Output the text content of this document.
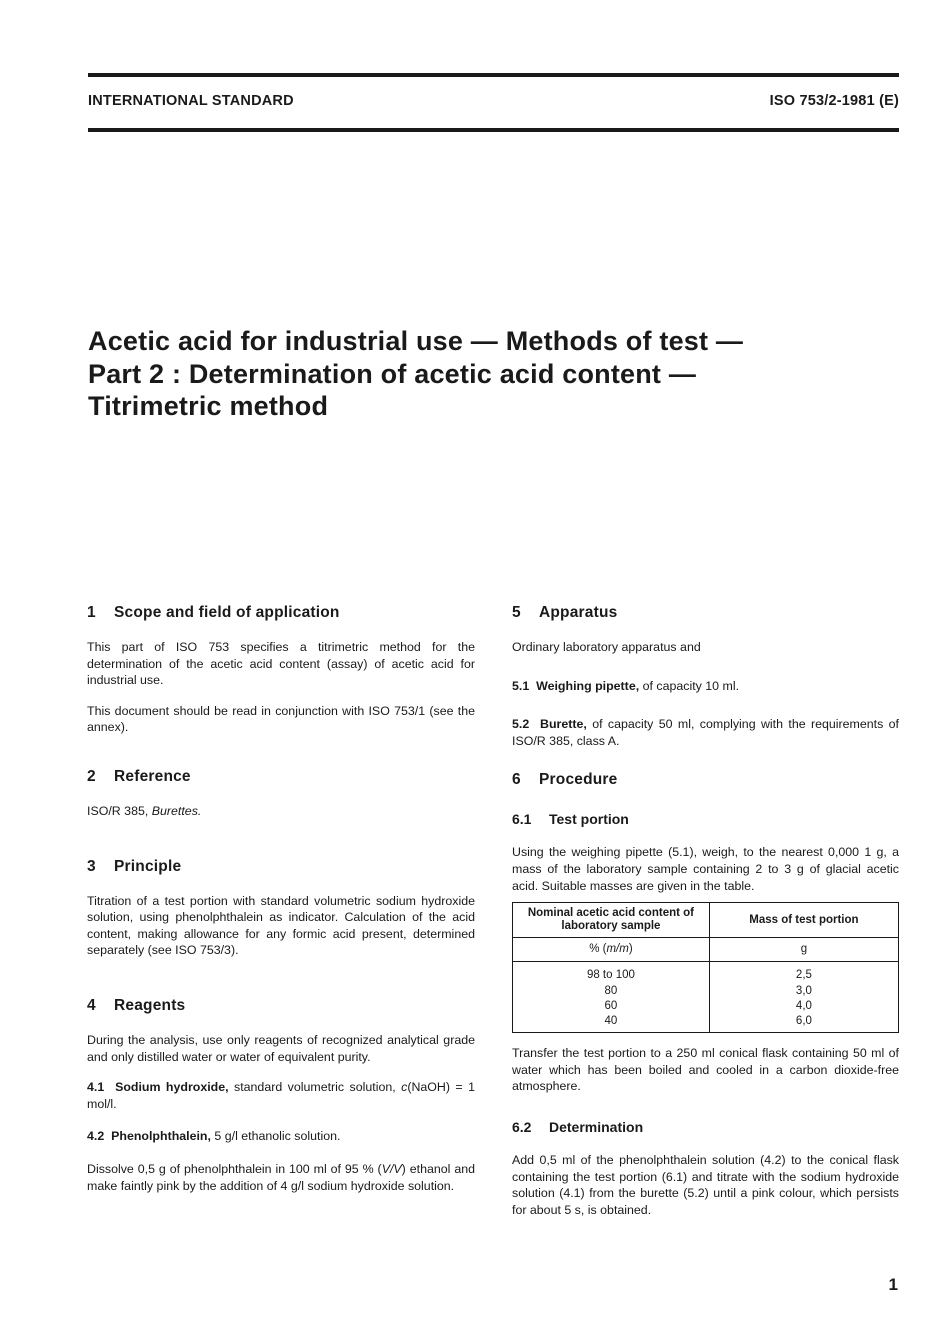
INTERNATIONAL STANDARD	ISO 753/2-1981 (E)
Acetic acid for industrial use — Methods of test —
Part 2 : Determination of acetic acid content —
Titrimetric method
1 Scope and field of application

This part of ISO 753 specifies a titrimetric method for the determination of the acetic acid content (assay) of acetic acid for industrial use.

This document should be read in conjunction with ISO 753/1 (see the annex).

2 Reference

ISO/R 385, Burettes.

3 Principle

Titration of a test portion with standard volumetric sodium hydroxide solution, using phenolphthalein as indicator. Calculation of the acid content, making allowance for any formic acid present, determined separately (see ISO 753/3).

4 Reagents

During the analysis, use only reagents of recognized analytical grade and only distilled water or water of equivalent purity.

4.1 Sodium hydroxide, standard volumetric solution, c(NaOH) = 1 mol/l.

4.2 Phenolphthalein, 5 g/l ethanolic solution.

Dissolve 0,5 g of phenolphthalein in 100 ml of 95 % (V/V) ethanol and make faintly pink by the addition of 4 g/l sodium hydroxide solution.

5 Apparatus

Ordinary laboratory apparatus and

5.1 Weighing pipette, of capacity 10 ml.

5.2 Burette, of capacity 50 ml, complying with the requirements of ISO/R 385, class A.

6 Procedure
6.1 Test portion

Using the weighing pipette (5.1), weigh, to the nearest 0,000 1 g, a mass of the laboratory sample containing 2 to 3 g of glacial acetic acid. Suitable masses are given in the table.

Nominal acetic acid content of laboratory sample	Mass of test portion
% (m/m)	g

98 to 100	2,5
80	3,0
60	4,0
40	6,0

Transfer the test portion to a 250 ml conical flask containing 50 ml of water which has been boiled and cooled in a carbon dioxide-free atmosphere.

6.2 Determination

Add 0,5 ml of the phenolphthalein solution (4.2) to the conical flask containing the test portion (6.1) and titrate with the sodium hydroxide solution (4.1) from the burette (5.2) until a pink colour, which persists for about 5 s, is obtained.

1
